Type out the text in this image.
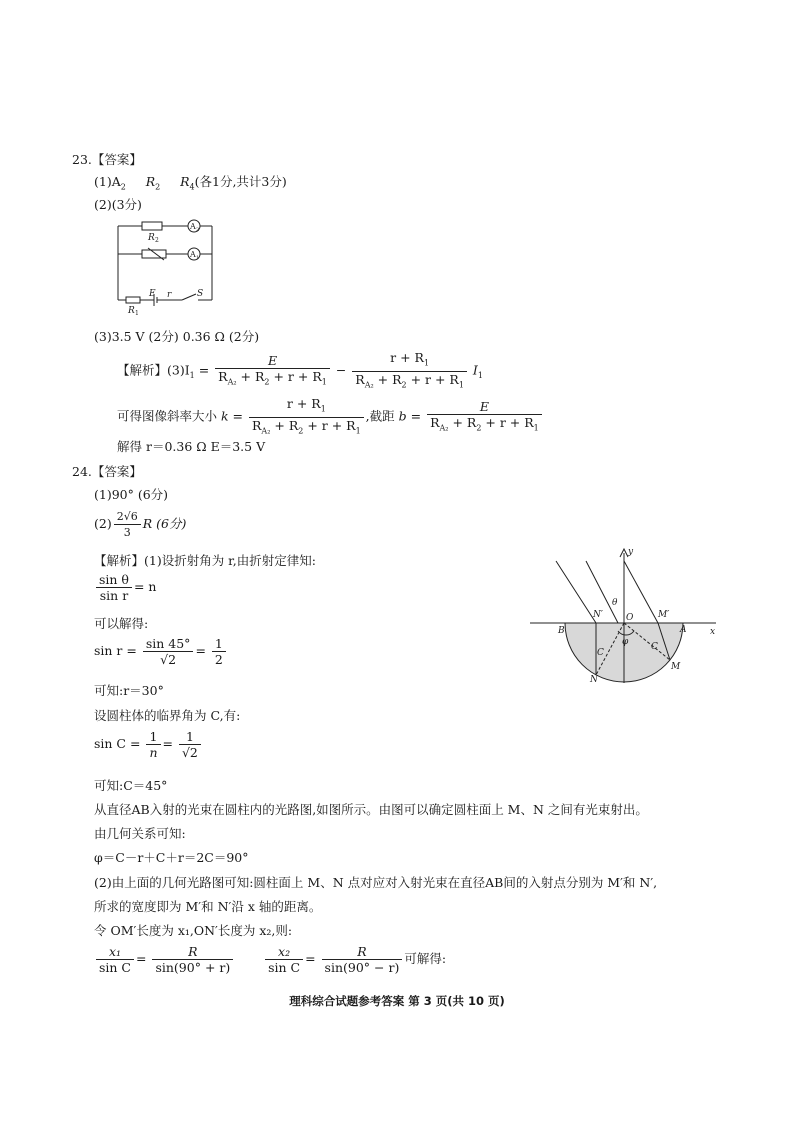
23.【答案】
$(1)A_2$ $R_2$ $R_4$(各1分,共计3分)
(2)(3分)
R 2
A 2
A 1
E r	S
R 1
(3)3.5 V (2分) 0.36 Ω (2分)
【解析】$(3)I_1 = \frac{E}{R_{A_2} + R_2 + r + R_1} - \frac{r + R_1}{R_{A_2} + R_2 + r + R_1} I_1$
可得图像斜率大小 $k = \frac{r + R_1}{R_{A_2} + R_2 + r + R_1}$ ,截距 $b = \frac{E}{R_{A_2} + R_2 + r + R_1}$
解得 r＝0.36 Ω E＝3.5 V
24.【答案】
(1)90° (6分)
$(2) \frac{2√6}{3}$ R (6分)
【解析】(1)设折射角为 r,由折射定律知:
$\frac{\text{sin θ}}{\text{sin r}} = n$
可以解得:
$\sin r = \frac{\sin 45^\circ}{√2} = \frac{1}{2}$
可知:r＝30°
设圆柱体的临界角为 C,有:
$\sin C = \frac{1}{n} = \frac{1}{√2}$
可知:C＝45°
从直径AB入射的光束在圆柱内的光路图,如图所示。由图可以确定圆柱面上 M、N 之间有光束射出。
由几何关系可知:
φ＝C－r＋C＋r＝2C＝90°
(2)由上面的几何光路图可知:圆柱面上 M、N 点对应对入射光束在直径AB间的入射点分别为 M′和 N′,
所求的宽度即为 M′和 N′沿 x 轴的距离。
令 OM′长度为 x₁,ON′长度为 x₂,则:
$\frac{\text{x₁}}{\text{sin C}} = \frac{R}{\sin(90^\circ + r)}$
	$\frac{\text{x₂}}{\text{sin C}} = \frac{R}{\sin(90^\circ - r)}$ 可解得:
y
θ
N′	O	M′
B	A	x
φ
C
C
N
M
理科综合试题参考答案 第 3 页(共 10 页)
